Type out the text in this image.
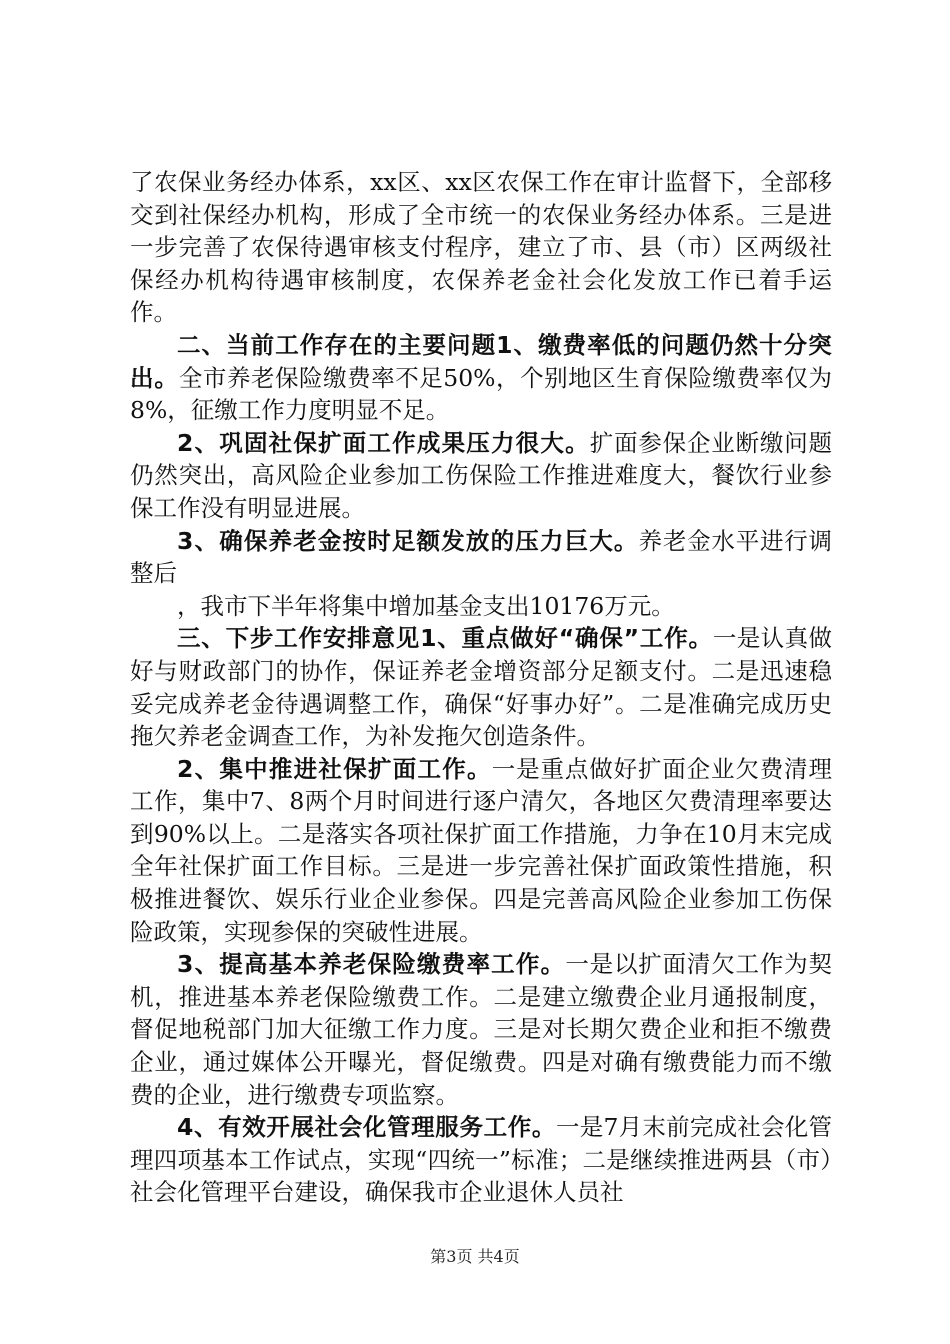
了农保业务经办体系，xx区、xx区农保工作在审计监督下，全部移交到社保经办机构，形成了全市统一的农保业务经办体系。三是进一步完善了农保待遇审核支付程序，建立了市、县（市）区两级社保经办机构待遇审核制度，农保养老金社会化发放工作已着手运作。

二、当前工作存在的主要问题1、缴费率低的问题仍然十分突出。全市养老保险缴费率不足50%，个别地区生育保险缴费率仅为8%，征缴工作力度明显不足。

2、巩固社保扩面工作成果压力很大。扩面参保企业断缴问题仍然突出，高风险企业参加工伤保险工作推进难度大，餐饮行业参保工作没有明显进展。

3、确保养老金按时足额发放的压力巨大。养老金水平进行调整后
，我市下半年将集中增加基金支出10176万元。

三、下步工作安排意见1、重点做好“确保”工作。一是认真做好与财政部门的协作，保证养老金增资部分足额支付。二是迅速稳妥完成养老金待遇调整工作，确保“好事办好”。二是准确完成历史拖欠养老金调查工作，为补发拖欠创造条件。

2、集中推进社保扩面工作。一是重点做好扩面企业欠费清理工作，集中7、8两个月时间进行逐户清欠，各地区欠费清理率要达到90%以上。二是落实各项社保扩面工作措施，力争在10月末完成全年社保扩面工作目标。三是进一步完善社保扩面政策性措施，积极推进餐饮、娱乐行业企业参保。四是完善高风险企业参加工伤保险政策，实现参保的突破性进展。

3、提高基本养老保险缴费率工作。一是以扩面清欠工作为契机，推进基本养老保险缴费工作。二是建立缴费企业月通报制度，督促地税部门加大征缴工作力度。三是对长期欠费企业和拒不缴费企业，通过媒体公开曝光，督促缴费。四是对确有缴费能力而不缴费的企业，进行缴费专项监察。

4、有效开展社会化管理服务工作。一是7月末前完成社会化管理四项基本工作试点，实现“四统一”标准；二是继续推进两县（市）社会化管理平台建设，确保我市企业退休人员社

第3页 共4页
